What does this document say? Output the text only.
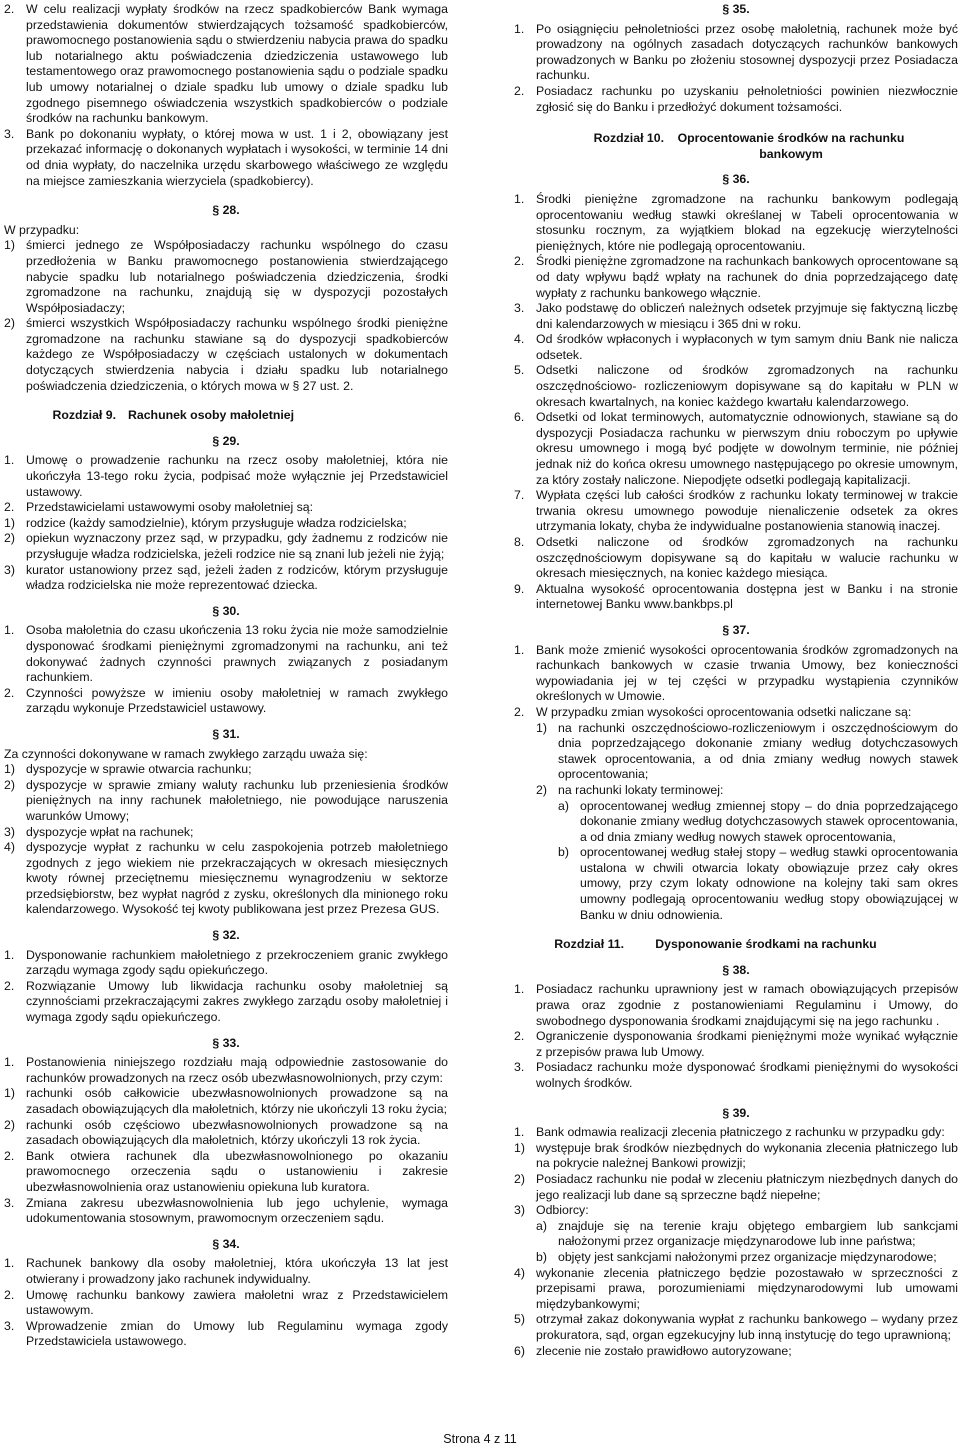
2. W celu realizacji wypłaty środków na rzecz spadkobierców Bank wymaga przedstawienia dokumentów stwierdzających tożsamość spadkobierców, prawomocnego postanowienia sądu o stwierdzeniu nabycia prawa do spadku lub notarialnego aktu poświadczenia dziedziczenia ustawowego lub testamentowego oraz prawomocnego postanowienia sądu o podziale spadku lub umowy notarialnej o dziale spadku lub umowy o dziale spadku lub zgodnego pisemnego oświadczenia wszystkich spadkobierców o podziale środków na rachunku bankowym.
3. Bank po dokonaniu wypłaty, o której mowa w ust. 1 i 2, obowiązany jest przekazać informację o dokonanych wypłatach i wysokości, w terminie 14 dni od dnia wypłaty, do naczelnika urzędu skarbowego właściwego ze względu na miejsce zamieszkania wierzyciela (spadkobiercy).
§ 28.

W przypadku:

1) śmierci jednego ze Współposiadaczy rachunku wspólnego do czasu przedłożenia w Banku prawomocnego postanowienia stwierdzającego nabycie spadku lub notarialnego poświadczenia dziedziczenia, środki zgromadzone na rachunku, znajdują się w dyspozycji pozostałych Współposiadaczy;
2) śmierci wszystkich Współposiadaczy rachunku wspólnego środki pieniężne zgromadzone na rachunku stawiane są do dyspozycji spadkobierców każdego ze Współposiadaczy w częściach ustalonych w dokumentach dotyczących stwierdzenia nabycia i działu spadku lub notarialnego poświadczenia dziedziczenia, o których mowa w § 27 ust. 2.
Rozdział 9. Rachunek osoby małoletniej
§ 29.
1. Umowę o prowadzenie rachunku na rzecz osoby małoletniej, która nie ukończyła 13-tego roku życia, podpisać może wyłącznie jej Przedstawiciel ustawowy.
2. Przedstawicielami ustawowymi osoby małoletniej są:
1) rodzice (każdy samodzielnie), którym przysługuje władza rodzicielska;
2) opiekun wyznaczony przez sąd, w przypadku, gdy żadnemu z rodziców nie przysługuje władza rodzicielska, jeżeli rodzice nie są znani lub jeżeli nie żyją;
3) kurator ustanowiony przez sąd, jeżeli żaden z rodziców, którym przysługuje władza rodzicielska nie może reprezentować dziecka.
§ 30.
1. Osoba małoletnia do czasu ukończenia 13 roku życia nie może samodzielnie dysponować środkami pieniężnymi zgromadzonymi na rachunku, ani też dokonywać żadnych czynności prawnych związanych z posiadanym rachunkiem.
2. Czynności powyższe w imieniu osoby małoletniej w ramach zwykłego zarządu wykonuje Przedstawiciel ustawowy.
§ 31.

Za czynności dokonywane w ramach zwykłego zarządu uważa się:

1) dyspozycje w sprawie otwarcia rachunku;
2) dyspozycje w sprawie zmiany waluty rachunku lub przeniesienia środków pieniężnych na inny rachunek małoletniego, nie powodujące naruszenia warunków Umowy;
3) dyspozycje wpłat na rachunek;
4) dyspozycje wypłat z rachunku w celu zaspokojenia potrzeb małoletniego zgodnych z jego wiekiem nie przekraczających w okresach miesięcznych kwoty równej przeciętnemu miesięcznemu wynagrodzeniu w sektorze przedsiębiorstw, bez wypłat nagród z zysku, określonych dla minionego roku kalendarzowego. Wysokość tej kwoty publikowana jest przez Prezesa GUS.
§ 32.
1. Dysponowanie rachunkiem małoletniego z przekroczeniem granic zwykłego zarządu wymaga zgody sądu opiekuńczego.
2. Rozwiązanie Umowy lub likwidacja rachunku osoby małoletniej są czynnościami przekraczającymi zakres zwykłego zarządu osoby małoletniej i wymaga zgody sądu opiekuńczego.
§ 33.
1. Postanowienia niniejszego rozdziału mają odpowiednie zastosowanie do rachunków prowadzonych na rzecz osób ubezwłasnowolnionych, przy czym:
1) rachunki osób całkowicie ubezwłasnowolnionych prowadzone są na zasadach obowiązujących dla małoletnich, którzy nie ukończyli 13 roku życia;
2) rachunki osób częściowo ubezwłasnowolnionych prowadzone są na zasadach obowiązujących dla małoletnich, którzy ukończyli 13 rok życia.
2. Bank otwiera rachunek dla ubezwłasnowolnionego po okazaniu prawomocnego orzeczenia sądu o ustanowieniu i zakresie ubezwłasnowolnienia oraz ustanowieniu opiekuna lub kuratora.
3. Zmiana zakresu ubezwłasnowolnienia lub jego uchylenie, wymaga udokumentowania stosownym, prawomocnym orzeczeniem sądu.
§ 34.
1. Rachunek bankowy dla osoby małoletniej, która ukończyła 13 lat jest otwierany i prowadzony jako rachunek indywidualny.
2. Umowę rachunku bankowy zawiera małoletni wraz z Przedstawicielem ustawowym.
3. Wprowadzenie zmian do Umowy lub Regulaminu wymaga zgody Przedstawiciela ustawowego.
§ 35.
1. Po osiągnięciu pełnoletniości przez osobę małoletnią, rachunek może być prowadzony na ogólnych zasadach dotyczących rachunków bankowych prowadzonych w Banku po złożeniu stosownej dyspozycji przez Posiadacza rachunku.
2. Posiadacz rachunku po uzyskaniu pełnoletniości powinien niezwłocznie zgłosić się do Banku i przedłożyć dokument tożsamości.
Rozdział 10.	Oprocentowanie środków na rachunku bankowym
§ 36.
1. Środki pieniężne zgromadzone na rachunku bankowym podlegają oprocentowaniu według stawki określanej w Tabeli oprocentowania w stosunku rocznym, za wyjątkiem blokad na egzekucję wierzytelności pieniężnych, które nie podlegają oprocentowaniu.
2. Środki pieniężne zgromadzone na rachunkach bankowych oprocentowane są od daty wpływu bądź wpłaty na rachunek do dnia poprzedzającego datę wypłaty z rachunku bankowego włącznie.
3. Jako podstawę do obliczeń należnych odsetek przyjmuje się faktyczną liczbę dni kalendarzowych w miesiącu i 365 dni w roku.
4. Od środków wpłaconych i wypłaconych w tym samym dniu Bank nie nalicza odsetek.
5. Odsetki naliczone od środków zgromadzonych na rachunku oszczędnościowo- rozliczeniowym dopisywane są do kapitału w PLN w okresach kwartalnych, na koniec każdego kwartału kalendarzowego.
6. Odsetki od lokat terminowych, automatycznie odnowionych, stawiane są do dyspozycji Posiadacza rachunku w pierwszym dniu roboczym po upływie okresu umownego i mogą być podjęte w dowolnym terminie, nie później jednak niż do końca okresu umownego następującego po okresie umownym, za który zostały naliczone. Niepodjęte odsetki podlegają kapitalizacji.
7. Wypłata części lub całości środków z rachunku lokaty terminowej w trakcie trwania okresu umownego powoduje nienaliczenie odsetek za okres utrzymania lokaty, chyba że indywidualne postanowienia stanowią inaczej.
8. Odsetki naliczone od środków zgromadzonych na rachunku oszczędnościowym dopisywane są do kapitału w walucie rachunku w okresach miesięcznych, na koniec każdego miesiąca.
9. Aktualna wysokość oprocentowania dostępna jest w Banku i na stronie internetowej Banku www.bankbps.pl
§ 37.
1. Bank może zmienić wysokości oprocentowania środków zgromadzonych na rachunkach bankowych w czasie trwania Umowy, bez konieczności wypowiadania jej w tej części w przypadku wystąpienia czynników określonych w Umowie.
2. W przypadku zmian wysokości oprocentowania odsetki naliczane są:
1) na rachunki oszczędnościowo-rozliczeniowym i oszczędnościowym do dnia poprzedzającego dokonanie zmiany według dotychczasowych stawek oprocentowania, a od dnia zmiany według nowych stawek oprocentowania;
2) na rachunki lokaty terminowej:
a) oprocentowanej według zmiennej stopy – do dnia poprzedzającego dokonanie zmiany według dotychczasowych stawek oprocentowania, a od dnia zmiany według nowych stawek oprocentowania,
b) oprocentowanej według stałej stopy – według stawki oprocentowania ustalona w chwili otwarcia lokaty obowiązuje przez cały okres umowy, przy czym lokaty odnowione na kolejny taki sam okres umowny podlegają oprocentowaniu według stopy obowiązującej w Banku w dniu odnowienia.
Rozdział 11.	Dysponowanie środkami na rachunku
§ 38.
1. Posiadacz rachunku uprawniony jest w ramach obowiązujących przepisów prawa oraz zgodnie z postanowieniami Regulaminu i Umowy, do swobodnego dysponowania środkami znajdującymi się na jego rachunku .
2. Ograniczenie dysponowania środkami pieniężnymi może wynikać wyłącznie z przepisów prawa lub Umowy.
3. Posiadacz rachunku może dysponować środkami pieniężnymi do wysokości wolnych środków.
§ 39.
1. Bank odmawia realizacji zlecenia płatniczego z rachunku w przypadku gdy:
1) występuje brak środków niezbędnych do wykonania zlecenia płatniczego lub na pokrycie należnej Bankowi prowizji;
2) Posiadacz rachunku nie podał w zleceniu płatniczym niezbędnych danych do jego realizacji lub dane są sprzeczne bądź niepełne;
3) Odbiorcy:
a) znajduje się na terenie kraju objętego embargiem lub sankcjami nałożonymi przez organizacje międzynarodowe lub inne państwa;
b) objęty jest sankcjami nałożonymi przez organizacje międzynarodowe;
4) wykonanie zlecenia płatniczego będzie pozostawało w sprzeczności z przepisami prawa, porozumieniami międzynarodowymi lub umowami międzybankowymi;
5) otrzymał zakaz dokonywania wypłat z rachunku bankowego – wydany przez prokuratora, sąd, organ egzekucyjny lub inną instytucję do tego uprawnioną;
6) zlecenie nie zostało prawidłowo autoryzowane;
Strona 4 z 11
